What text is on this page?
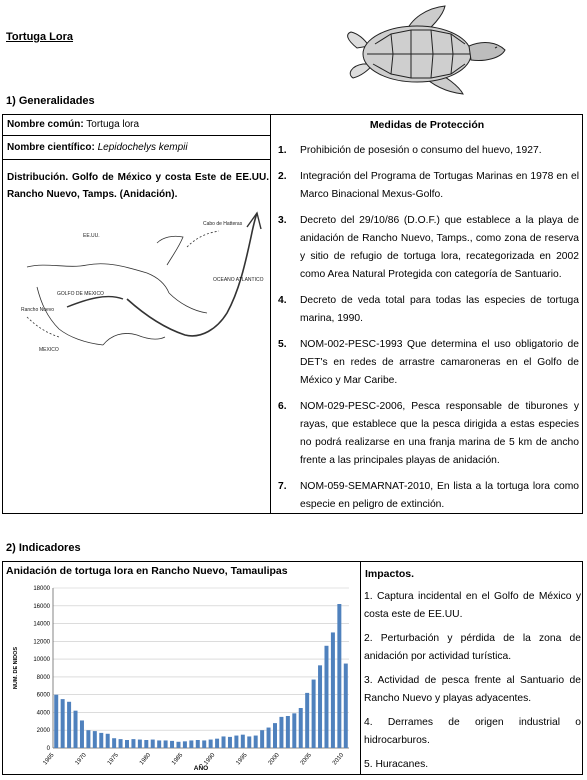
Tortuga Lora
1) Generalidades
Nombre común: Tortuga lora
Nombre científico: Lepidochelys kempii
Distribución. Golfo de México y costa Este de EE.UU. Rancho Nuevo, Tamps. (Anidación).
Cabo de Hatteras
EE.UU.
GOLFO DE MEXICO
OCEANO ATLANTICO
Rancho Nuevo
MEXICO
Medidas de Protección
1. Prohibición de posesión o consumo del huevo, 1927.
2. Integración del Programa de Tortugas Marinas en 1978 en el Marco Binacional Mexus-Golfo.
3. Decreto del 29/10/86 (D.O.F.) que establece a la playa de anidación de Rancho Nuevo, Tamps., como zona de reserva y sitio de refugio de tortuga lora, recategorizada en 2002 como Area Natural Protegida con categoría de Santuario.
4. Decreto de veda total para todas las especies de tortuga marina, 1990.
5. NOM-002-PESC-1993 Que determina el uso obligatorio de DET's en redes de arrastre camaroneras en el Golfo de México y Mar Caribe.
6. NOM-029-PESC-2006, Pesca responsable de tiburones y rayas, que establece que la pesca dirigida a estas especies no podrá realizarse en una franja marina de 5 km de ancho frente a las principales playas de anidación.
7. NOM-059-SEMARNAT-2010, En lista a la tortuga lora como especie en peligro de extinción.
2) Indicadores
Anidación de tortuga lora en Rancho Nuevo, Tamaulipas
0
2000
4000
6000
8000
10000
12000
14000
16000
18000
1965	1970	1975	1980	1985	1990	1995	2000	2005	2010
AÑO
NUM. DE NIDOS
Impactos.
1. Captura incidental en el Golfo de México y costa este de EE.UU.
2. Perturbación y pérdida de la zona de anidación por actividad turística.
3. Actividad de pesca frente al Santuario de Rancho Nuevo y playas adyacentes.
4. Derrames de origen industrial o hidrocarburos.
5. Huracanes.
